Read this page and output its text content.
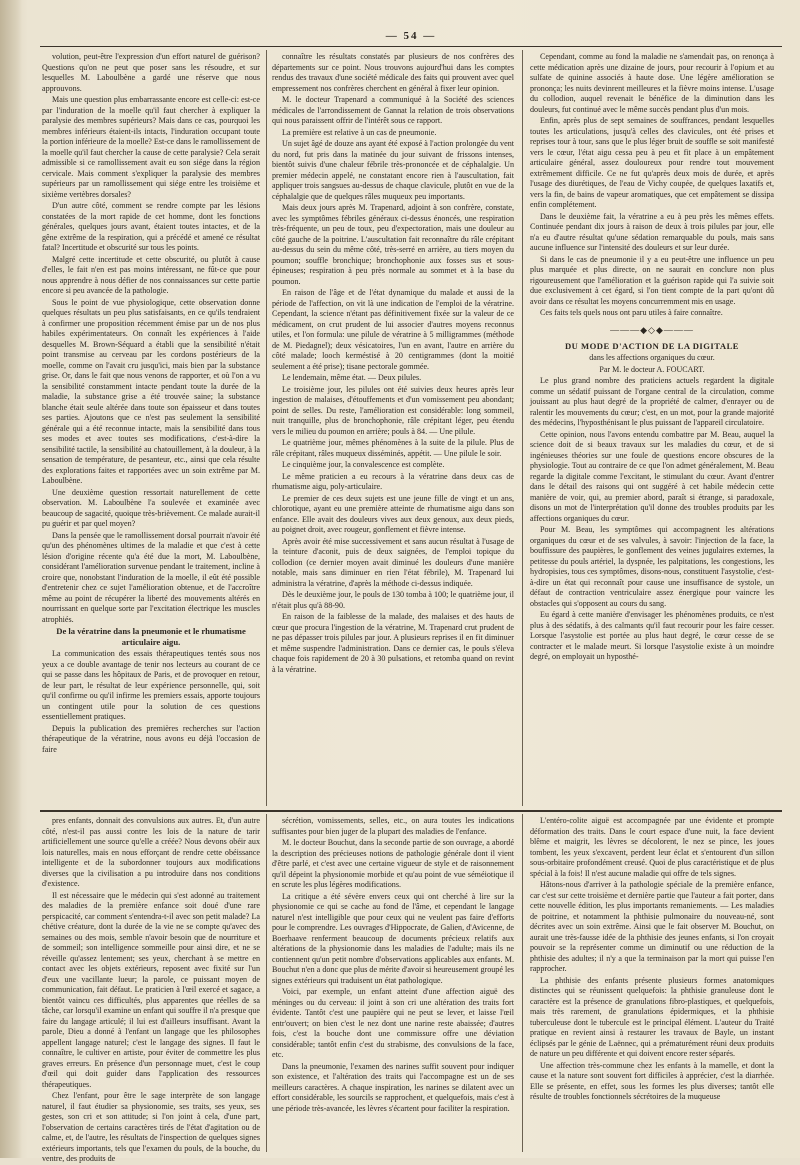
— 54 —

volution, peut-être l'expression d'un effort naturel de guérison? Questions qu'on ne peut que poser sans les résoudre, et sur lesquelles M. Laboulbène a gardé une réserve que nous approuvons.

Mais une question plus embarrassante encore est celle-ci: est-ce par l'induration de la moelle qu'il faut chercher à expliquer la paralysie des membres supérieurs? Mais dans ce cas, pourquoi les membres inférieurs étaient-ils intacts, l'induration occupant toute la portion inférieure de la moelle? Est-ce dans le ramollissement de la moelle qu'il faut chercher la cause de cette paralysie? Cela serait admissible si ce ramollissement avait eu son siége dans la région cervicale. Mais comment s'expliquer la paralysie des membres supérieurs par un ramollissement qui siége entre les troisième et sixième vertèbres dorsales?

D'un autre côté, comment se rendre compte par les lésions constatées de la mort rapide de cet homme, dont les fonctions générales, quelques jours avant, étaient toutes intactes, et de la gêne extrême de la respiration, qui a précédé et amené ce résultat fatal? Incertitude et obscurité sur tous les points.

Malgré cette incertitude et cette obscurité, ou plutôt à cause d'elles, le fait n'en est pas moins intéressant, ne fût-ce que pour nous apprendre à nous défier de nos connaissances sur cette partie encore si peu avancée de la pathologie.

Sous le point de vue physiologique, cette observation donne quelques résultats un peu plus satisfaisants, en ce qu'ils tendraient à confirmer une proposition récemment émise par un de nos plus habiles expérimentateurs. On connaît les expériences à l'aide desquelles M. Brown-Séquard a établi que la sensibilité n'était point transmise au cerveau par les cordons postérieurs de la moelle, comme on l'avait cru jusqu'ici, mais bien par la substance grise. Or, dans le fait que nous venons de rapporter, et où l'on a vu la sensibilité constamment intacte pendant toute la durée de la maladie, la substance grise a été trouvée saine; la substance blanche était seule altérée dans toute son épaisseur et dans toutes ses parties. Ajoutons que ce n'est pas seulement la sensibilité générale qui a été reconnue intacte, mais la sensibilité dans tous ses modes et avec toutes ses modifications, c'est-à-dire la sensibilité tactile, la sensibilité au chatouillement, à la douleur, à la sensation de température, de pesanteur, etc., ainsi que cela résulte des explorations faites et rapportées avec un soin extrême par M. Laboulbène.

Une deuxième question ressortait naturellement de cette observation. M. Laboulbène l'a soulevée et examinée avec beaucoup de sagacité, quoique très-brièvement. Ce malade aurait-il pu guérir et par quel moyen?

Dans la pensée que le ramollissement dorsal pourrait n'avoir été qu'un des phénomènes ultimes de la maladie et que c'est à cette lésion d'origine récente qu'a été due la mort, M. Laboulbène, considérant l'amélioration survenue pendant le traitement, incline à croire que, nonobstant l'induration de la moelle, il eût été possible d'entretenir chez ce sujet l'amélioration obtenue, et de l'accroître même au point de récupérer la liberté des mouvements altérés en nourrissant en quelque sorte par l'excitation électrique les muscles atrophiés.

De la vératrine dans la pneumonie et le rhumatisme articulaire aigu.

La communication des essais thérapeutiques tentés sous nos yeux a ce double avantage de tenir nos lecteurs au courant de ce qui se passe dans les hôpitaux de Paris, et de provoquer en retour, de leur part, le résultat de leur expérience personnelle, qui, soit qu'il confirme ou qu'il infirme les premiers essais, apporte toujours un contingent utile pour la solution de ces questions essentiellement pratiques.

Depuis la publication des premières recherches sur l'action thérapeutique de la vératrine, nous avons eu déjà l'occasion de faire

connaître les résultats constatés par plusieurs de nos confrères des départements sur ce point. Nous trouvons aujourd'hui dans les comptes rendus des travaux d'une société médicale des faits qui prouvent avec quel empressement nos confrères cherchent en général à fixer leur opinion.

M. le docteur Trapenard a communiqué à la Société des sciences médicales de l'arrondissement de Gannat la relation de trois observations qui nous paraissent offrir de l'intérêt sous ce rapport.

La première est relative à un cas de pneumonie.

Un sujet âgé de douze ans ayant été exposé à l'action prolongée du vent du nord, fut pris dans la matinée du jour suivant de frissons intenses, bientôt suivis d'une chaleur fébrile très-prononcée et de céphalalgie. Un premier médecin appelé, ne constatant encore rien à l'auscultation, fait appliquer trois sangsues au-dessus de chaque clavicule, plutôt en vue de la céphalalgie que de quelques râles muqueux peu importants.

Mais deux jours après M. Trapenard, adjoint à son confrère, constate, avec les symptômes fébriles généraux ci-dessus énoncés, une respiration très-fréquente, un peu de toux, peu d'expectoration, mais une douleur au côté gauche de la poitrine. L'auscultation fait reconnaître du râle crépitant au-dessus du sein du même côté, très-serré en arrière, au tiers moyen du poumon; souffle bronchique; bronchophonie aux fosses sus et sous-épineuses; respiration à peu près normale au sommet et à la base du poumon.

En raison de l'âge et de l'état dynamique du malade et aussi de la période de l'affection, on vit là une indication de l'emploi de la vératrine. Cependant, la science n'étant pas définitivement fixée sur la valeur de ce médicament, on crut prudent de lui associer d'autres moyens reconnus utiles, et l'on formula: une pilule de vératrine à 5 milligrammes (méthode de M. Piedagnel); deux vésicatoires, l'un en avant, l'autre en arrière du côté malade; looch kerméstisé à 20 centigrammes (dont la moitié seulement a été prise); tisane pectorale gommée.

Le lendemain, même état. — Deux pilules.

Le troisième jour, les pilules ont été suivies deux heures après leur ingestion de malaises, d'étouffements et d'un vomissement peu abondant; point de selles. Du reste, l'amélioration est considérable: long sommeil, nuit tranquille, plus de bronchophonie, râle crépitant léger, peu étendu vers le milieu du poumon en arrière; pouls à 84. — Une pilule.

Le quatrième jour, mêmes phénomènes à la suite de la pilule. Plus de râle crépitant, râles muqueux disséminés, appétit. — Une pilule le soir.

Le cinquième jour, la convalescence est complète.

Le même praticien a eu recours à la vératrine dans deux cas de rhumatisme aigu, poly-articulaire.

Le premier de ces deux sujets est une jeune fille de vingt et un ans, chlorotique, ayant eu une première atteinte de rhumatisme aigu dans son enfance. Elle avait des douleurs vives aux deux genoux, aux deux pieds, au poignet droit, avec rougeur, gonflement et fièvre intense.

Après avoir été mise successivement et sans aucun résultat à l'usage de la teinture d'aconit, puis de deux saignées, de l'emploi topique du collodion (ce dernier moyen avait diminué les douleurs d'une manière notable, mais sans diminuer en rien l'état fébrile), M. Trapenard lui administra la vératrine, d'après la méthode ci-dessus indiquée.

Dès le deuxième jour, le pouls de 130 tomba à 100; le quatrième jour, il n'était plus qu'à 88-90.

En raison de la faiblesse de la malade, des malaises et des hauts de cœur que procura l'ingestion de la vératrine, M. Trapenard crut prudent de ne pas dépasser trois pilules par jour. A plusieurs reprises il en fit diminuer et même suspendre l'administration. Dans ce dernier cas, le pouls s'éleva chaque fois rapidement de 20 à 30 pulsations, et retomba quand on revint à la vératrine.

Cependant, comme au fond la maladie ne s'amendait pas, on renonça à cette médication après une dizaine de jours, pour recourir à l'opium et au sulfate de quinine associés à haute dose. Une légère amélioration se prononça; les nuits devinrent meilleures et la fièvre moins intense. L'usage du collodion, auquel revenait le bénéfice de la diminution dans les douleurs, fut continué avec le même succès pendant plus d'un mois.

Enfin, après plus de sept semaines de souffrances, pendant lesquelles toutes les articulations, jusqu'à celles des clavicules, ont été prises et reprises tour à tour, sans que le plus léger bruit de souffle se soit manifesté vers le cœur, l'état aigu cessa peu à peu et fit place à un empâtement articulaire général, assez douloureux pour rendre tout mouvement extrêmement difficile. Ce ne fut qu'après deux mois de durée, et après l'usage des diurétiques, de l'eau de Vichy coupée, de quelques laxatifs et, vers la fin, de bains de vapeur aromatiques, que cet empâtement se dissipa enfin complétement.

Dans le deuxième fait, la vératrine a eu à peu près les mêmes effets. Continuée pendant dix jours à raison de deux à trois pilules par jour, elle n'a eu d'autre résultat qu'une sédation remarquable du pouls, mais sans aucune influence sur l'intensité des douleurs et sur leur durée.

Si dans le cas de pneumonie il y a eu peut-être une influence un peu plus marquée et plus directe, on ne saurait en conclure non plus rigoureusement que l'amélioration et la guérison rapide qui l'a suivie soit due exclusivement à cet égard, si l'on tient compte de la part qu'ont dû avoir dans ce résultat les moyens concurremment mis en usage.

Ces faits tels quels nous ont paru utiles à faire connaître.

———◆◇◆———

DU MODE D'ACTION DE LA DIGITALE

dans les affections organiques du cœur.

Par M. le docteur A. FOUCART.

Le plus grand nombre des praticiens actuels regardent la digitale comme un sédatif puissant de l'organe central de la circulation, comme jouissant au plus haut degré de la propriété de calmer, d'enrayer ou de ralentir les mouvements du cœur; c'est, en un mot, pour la grande majorité des médecins, l'hyposthénisant le plus puissant de l'appareil circulatoire.

Cette opinion, nous l'avons entendu combattre par M. Beau, auquel la science doit de si beaux travaux sur les maladies du cœur, et de si ingénieuses théories sur une foule de questions encore obscures de la physiologie. Tout au contraire de ce que l'on admet généralement, M. Beau regarde la digitale comme l'excitant, le stimulant du cœur. Avant d'entrer dans le détail des raisons qui ont suggéré à cet habile médecin cette manière de voir, qui, au premier abord, paraît si étrange, si paradoxale, disons un mot de l'interprétation qu'il donne des troubles produits par les affections organiques du cœur.

Pour M. Beau, les symptômes qui accompagnent les altérations organiques du cœur et de ses valvules, à savoir: l'injection de la face, la bouffissure des paupières, le gonflement des veines jugulaires externes, la petitesse du pouls artériel, la dyspnée, les palpitations, les congestions, les hydropisies, tous ces symptômes, disons-nous, constituent l'asystolie, c'est-à-dire un état qui reconnaît pour cause une insuffisance de systole, un défaut de contraction ventriculaire assez énergique pour vaincre les obstacles qui s'opposent au cours du sang.

Eu égard à cette manière d'envisager les phénomènes produits, ce n'est plus à des sédatifs, à des calmants qu'il faut recourir pour les faire cesser. Lorsque l'asystolie est portée au plus haut degré, le cœur cesse de se contracter et le malade meurt. Si lorsque l'asystolie existe à un moindre degré, on employait un hyposthé-

pres enfants, donnait des convulsions aux autres. Et, d'un autre côté, n'est-il pas aussi contre les lois de la nature de tarir artificiellement une source qu'elle a créée? Nous devons obéir aux lois naturelles, mais en nous efforçant de rendre cette obéissance intelligente et de la subordonner toujours aux modifications diverses que la civilisation a pu introduire dans nos conditions d'existence.

Il est nécessaire que le médecin qui s'est adonné au traitement des maladies de la première enfance soit doué d'une rare perspicacité, car comment s'entendra-t-il avec son petit malade? La chétive créature, dont la durée de la vie ne se compte qu'avec des semaines ou des mois, semble n'avoir besoin que de nourriture et de sommeil; son intelligence sommeille pour ainsi dire, et ne se réveille qu'assez lentement; ses yeux, cherchant à se mettre en contact avec les objets extérieurs, reposent avec fixité sur l'un d'eux une vacillante lueur; la parole, ce puissant moyen de communication, fait défaut. Le praticien à l'œil exercé et sagace, a bientôt vaincu ces difficultés, plus apparentes que réelles de sa tâche, car lorsqu'il examine un enfant qui souffre il n'a presque que faire du langage articulé; il lui est d'ailleurs insuffisant. Avant la parole, Dieu a donné à l'enfant un langage que les philosophes appellent langage naturel; c'est le langage des signes. Il faut le connaître, le cultiver en artiste, pour éviter de commettre les plus graves erreurs. En présence d'un personnage muet, c'est le coup d'œil qui doit guider dans l'application des ressources thérapeutiques.

Chez l'enfant, pour être le sage interprète de son langage naturel, il faut étudier sa physionomie, ses traits, ses yeux, ses gestes, son cri et son attitude; si l'on joint à cela, d'une part, l'observation de certains caractères tirés de l'état d'agitation ou de calme, et, de l'autre, les résultats de l'inspection de quelques signes extérieurs importants, tels que l'examen du pouls, de la bouche, du ventre, des produits de

sécrétion, vomissements, selles, etc., on aura toutes les indications suffisantes pour bien juger de la plupart des maladies de l'enfance.

M. le docteur Bouchut, dans la seconde partie de son ouvrage, a abordé la description des précieuses notions de pathologie générale dont il vient d'être parlé, et c'est avec une certaine vigueur de style et de raisonnement qu'il dépeint la physionomie morbide et qu'au point de vue séméiotique il en scrute les plus légères modifications.

La critique a été sévère envers ceux qui ont cherché à lire sur la physionomie ce qui se cache au fond de l'âme, et cependant le langage naturel n'est intelligible que pour ceux qui ne veulent pas faire d'efforts pour le comprendre. Les ouvrages d'Hippocrate, de Galien, d'Avicenne, de Boerhaave renferment beaucoup de documents précieux relatifs aux altérations de la physionomie dans les maladies de l'adulte; mais ils ne contiennent qu'un petit nombre d'observations applicables aux enfants. M. Bouchut n'en a donc que plus de mérite d'avoir si heureusement groupé les signes extérieurs qui traduisent un état pathologique.

Voici, par exemple, un enfant atteint d'une affection aiguë des méninges ou du cerveau: il joint à son cri une altération des traits fort évidente. Tantôt c'est une paupière qui ne peut se lever, et laisse l'œil entr'ouvert; on bien c'est le nez dont une narine reste abaissée; d'autres fois, c'est la bouche dont une commissure offre une déviation considérable; tantôt enfin c'est du strabisme, des convulsions de la face, etc.

Dans la pneumonie, l'examen des narines suffit souvent pour indiquer son existence, et l'altération des traits qui l'accompagne est un de ses meilleurs caractères. A chaque inspiration, les narines se dilatent avec un effort considérable, les sourcils se rapprochent, et quelquefois, mais c'est à une période très-avancée, les lèvres s'écartent pour faciliter la respiration.

L'entéro-colite aiguë est accompagnée par une évidente et prompte déformation des traits. Dans le court espace d'une nuit, la face devient blême et maigrit, les lèvres se décolorent, le nez se pince, les joues tombent, les yeux s'excavent, perdent leur éclat et s'entourent d'un sillon sous-orbitaire profondément creusé. Quoi de plus caractéristique et de plus spécial à la fois! Il n'est aucune maladie qui offre de tels signes.

Hâtons-nous d'arriver à la pathologie spéciale de la première enfance, car c'est sur cette troisième et dernière partie que l'auteur a fait porter, dans cette nouvelle édition, les plus importants remaniements. — Les maladies de poitrine, et notamment la phthisie pulmonaire du nouveau-né, sont décrites avec un soin extrême. Ainsi que le fait observer M. Bouchut, on aurait une très-fausse idée de la phthisie des jeunes enfants, si l'on croyait pouvoir se la représenter comme un diminutif ou une réduction de la phthisie des adultes; il n'y a que la terminaison par la mort qui puisse l'en rapprocher.

La phthisie des enfants présente plusieurs formes anatomiques distinctes qui se réunissent quelquefois: la phthisie granuleuse dont le caractère est la présence de granulations fibro-plastiques, et quelquefois, mais très rarement, de granulations épidermiques, et la phthisie tuberculeuse dont le tubercule est le principal élément. L'auteur du Traité pratique en revient ainsi à restaurer les travaux de Bayle, un instant éclipsés par le génie de Laënnec, qui a prématurément réuni deux produits de nature un peu différente et qui doivent encore rester séparés.

Une affection très-commune chez les enfants à la mamelle, et dont la cause et la nature sont souvent fort difficiles à apprécier, c'est la diarrhée. Elle se présente, en effet, sous les formes les plus diverses; tantôt elle résulte de troubles fonctionnels sécrétoires de la muqueuse
